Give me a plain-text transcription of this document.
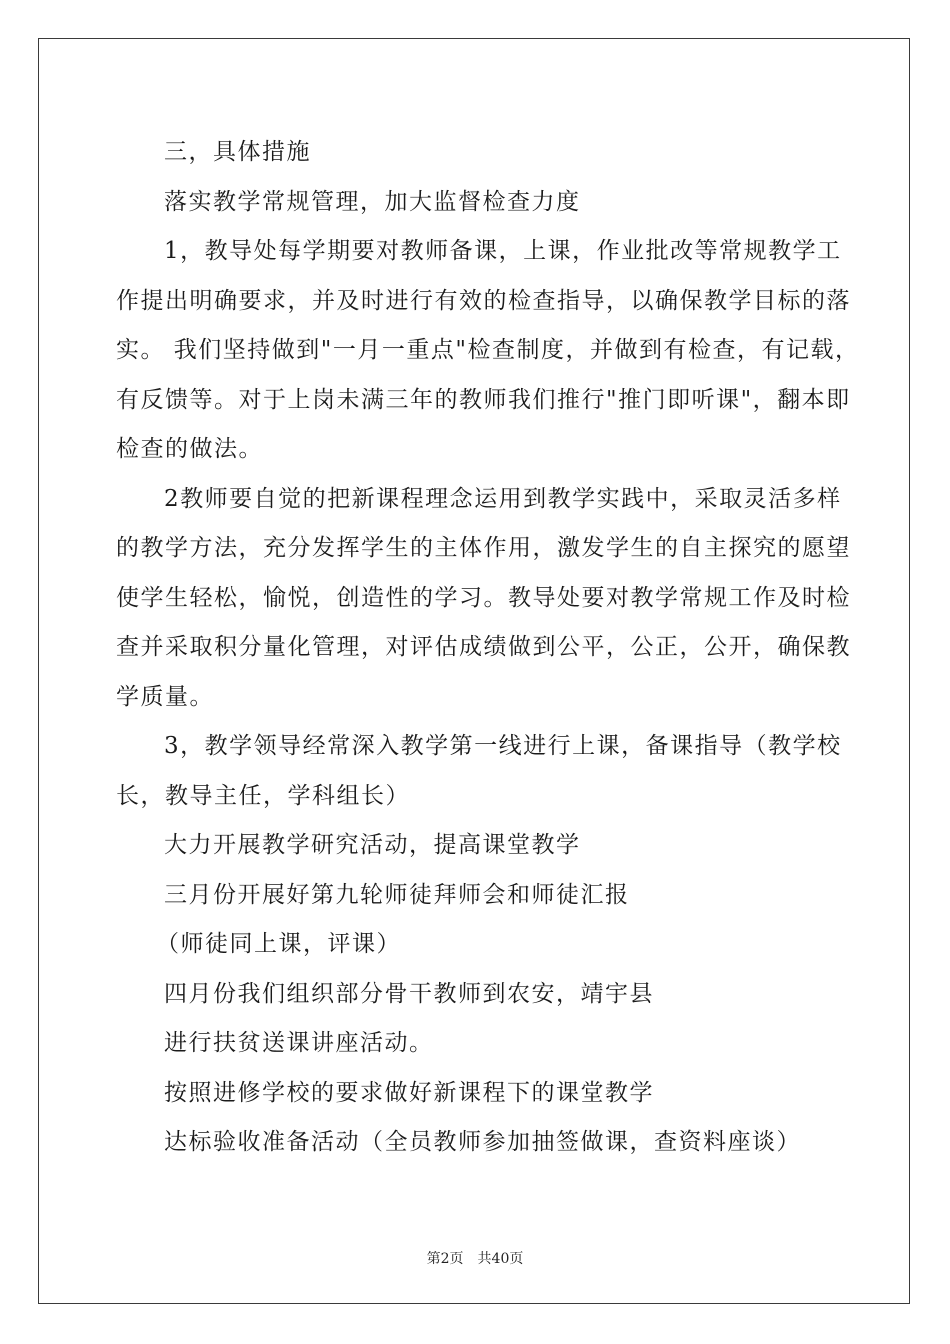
三，具体措施
落实教学常规管理，加大监督检查力度
1，教导处每学期要对教师备课，上课，作业批改等常规教学工
作提出明确要求，并及时进行有效的检查指导，以确保教学目标的落
实。 我们坚持做到"一月一重点"检查制度，并做到有检查，有记载，
有反馈等。对于上岗未满三年的教师我们推行"推门即听课"，翻本即
检查的做法。
2教师要自觉的把新课程理念运用到教学实践中，采取灵活多样
的教学方法，充分发挥学生的主体作用，激发学生的自主探究的愿望
使学生轻松，愉悦，创造性的学习。教导处要对教学常规工作及时检
查并采取积分量化管理，对评估成绩做到公平，公正，公开，确保教
学质量。
3，教学领导经常深入教学第一线进行上课，备课指导（教学校
长，教导主任，学科组长）
大力开展教学研究活动，提高课堂教学
三月份开展好第九轮师徒拜师会和师徒汇报
（师徒同上课，评课）
四月份我们组织部分骨干教师到农安，靖宇县
进行扶贫送课讲座活动。
按照进修学校的要求做好新课程下的课堂教学
达标验收准备活动（全员教师参加抽签做课，查资料座谈）
第2页 共40页
